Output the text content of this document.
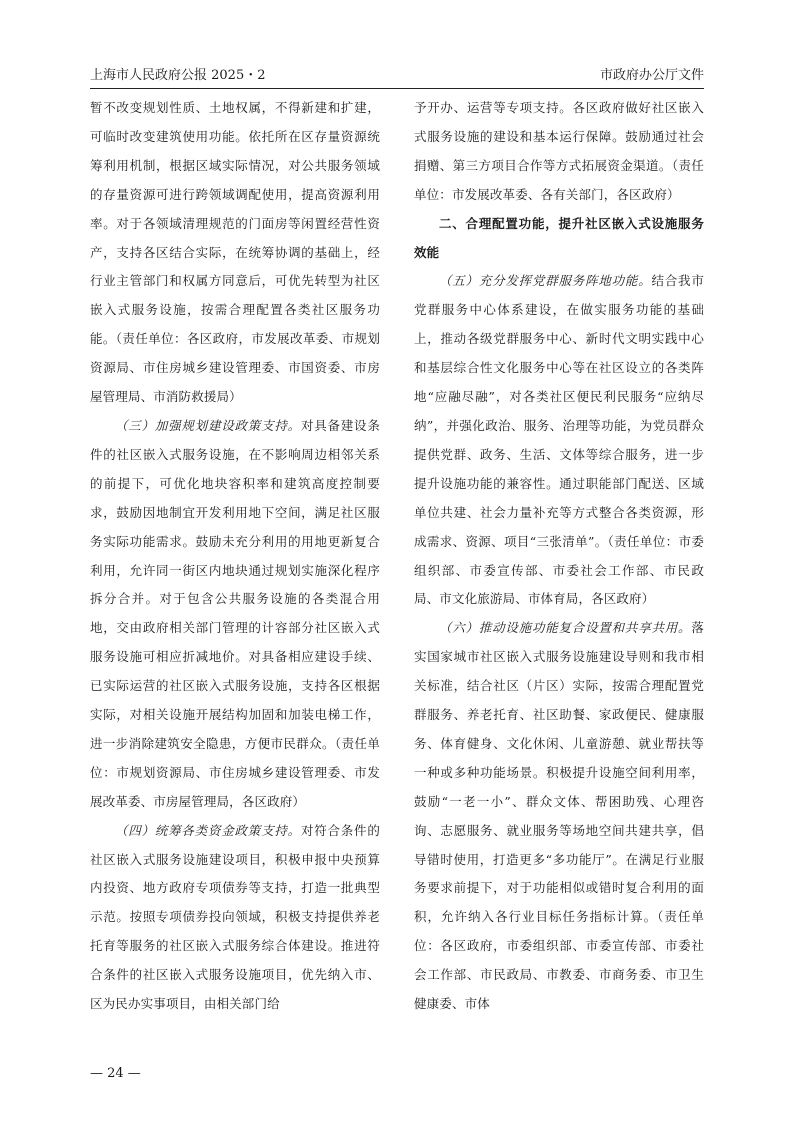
上海市人民政府公报 2025・2	市政府办公厅文件

暂不改变规划性质、土地权属，不得新建和扩建，可临时改变建筑使用功能。依托所在区存量资源统筹利用机制，根据区域实际情况，对公共服务领域的存量资源可进行跨领域调配使用，提高资源利用率。对于各领域清理规范的门面房等闲置经营性资产，支持各区结合实际，在统筹协调的基础上，经行业主管部门和权属方同意后，可优先转型为社区嵌入式服务设施，按需合理配置各类社区服务功能。（责任单位：各区政府，市发展改革委、市规划资源局、市住房城乡建设管理委、市国资委、市房屋管理局、市消防救援局）

（三）加强规划建设政策支持。对具备建设条件的社区嵌入式服务设施，在不影响周边相邻关系的前提下，可优化地块容积率和建筑高度控制要求，鼓励因地制宜开发利用地下空间，满足社区服务实际功能需求。鼓励未充分利用的用地更新复合利用，允许同一街区内地块通过规划实施深化程序拆分合并。对于包含公共服务设施的各类混合用地，交由政府相关部门管理的计容部分社区嵌入式服务设施可相应折减地价。对具备相应建设手续、已实际运营的社区嵌入式服务设施，支持各区根据实际，对相关设施开展结构加固和加装电梯工作，进一步消除建筑安全隐患，方便市民群众。（责任单位：市规划资源局、市住房城乡建设管理委、市发展改革委、市房屋管理局，各区政府）

（四）统筹各类资金政策支持。对符合条件的社区嵌入式服务设施建设项目，积极申报中央预算内投资、地方政府专项债券等支持，打造一批典型示范。按照专项债券投向领域，积极支持提供养老托育等服务的社区嵌入式服务综合体建设。推进符合条件的社区嵌入式服务设施项目，优先纳入市、区为民办实事项目，由相关部门给

予开办、运营等专项支持。各区政府做好社区嵌入式服务设施的建设和基本运行保障。鼓励通过社会捐赠、第三方项目合作等方式拓展资金渠道。（责任单位：市发展改革委、各有关部门，各区政府）

二、合理配置功能，提升社区嵌入式设施服务效能

（五）充分发挥党群服务阵地功能。结合我市党群服务中心体系建设，在做实服务功能的基础上，推动各级党群服务中心、新时代文明实践中心和基层综合性文化服务中心等在社区设立的各类阵地“应融尽融”，对各类社区便民利民服务“应纳尽纳”，并强化政治、服务、治理等功能，为党员群众提供党群、政务、生活、文体等综合服务，进一步提升设施功能的兼容性。通过职能部门配送、区域单位共建、社会力量补充等方式整合各类资源，形成需求、资源、项目“三张清单”。（责任单位：市委组织部、市委宣传部、市委社会工作部、市民政局、市文化旅游局、市体育局，各区政府）

（六）推动设施功能复合设置和共享共用。落实国家城市社区嵌入式服务设施建设导则和我市相关标准，结合社区（片区）实际，按需合理配置党群服务、养老托育、社区助餐、家政便民、健康服务、体育健身、文化休闲、儿童游憩、就业帮扶等一种或多种功能场景。积极提升设施空间利用率，鼓励“一老一小”、群众文体、帮困助残、心理咨询、志愿服务、就业服务等场地空间共建共享，倡导错时使用，打造更多“多功能厅”。在满足行业服务要求前提下，对于功能相似或错时复合利用的面积，允许纳入各行业目标任务指标计算。（责任单位：各区政府，市委组织部、市委宣传部、市委社会工作部、市民政局、市教委、市商务委、市卫生健康委、市体

— 24 —
